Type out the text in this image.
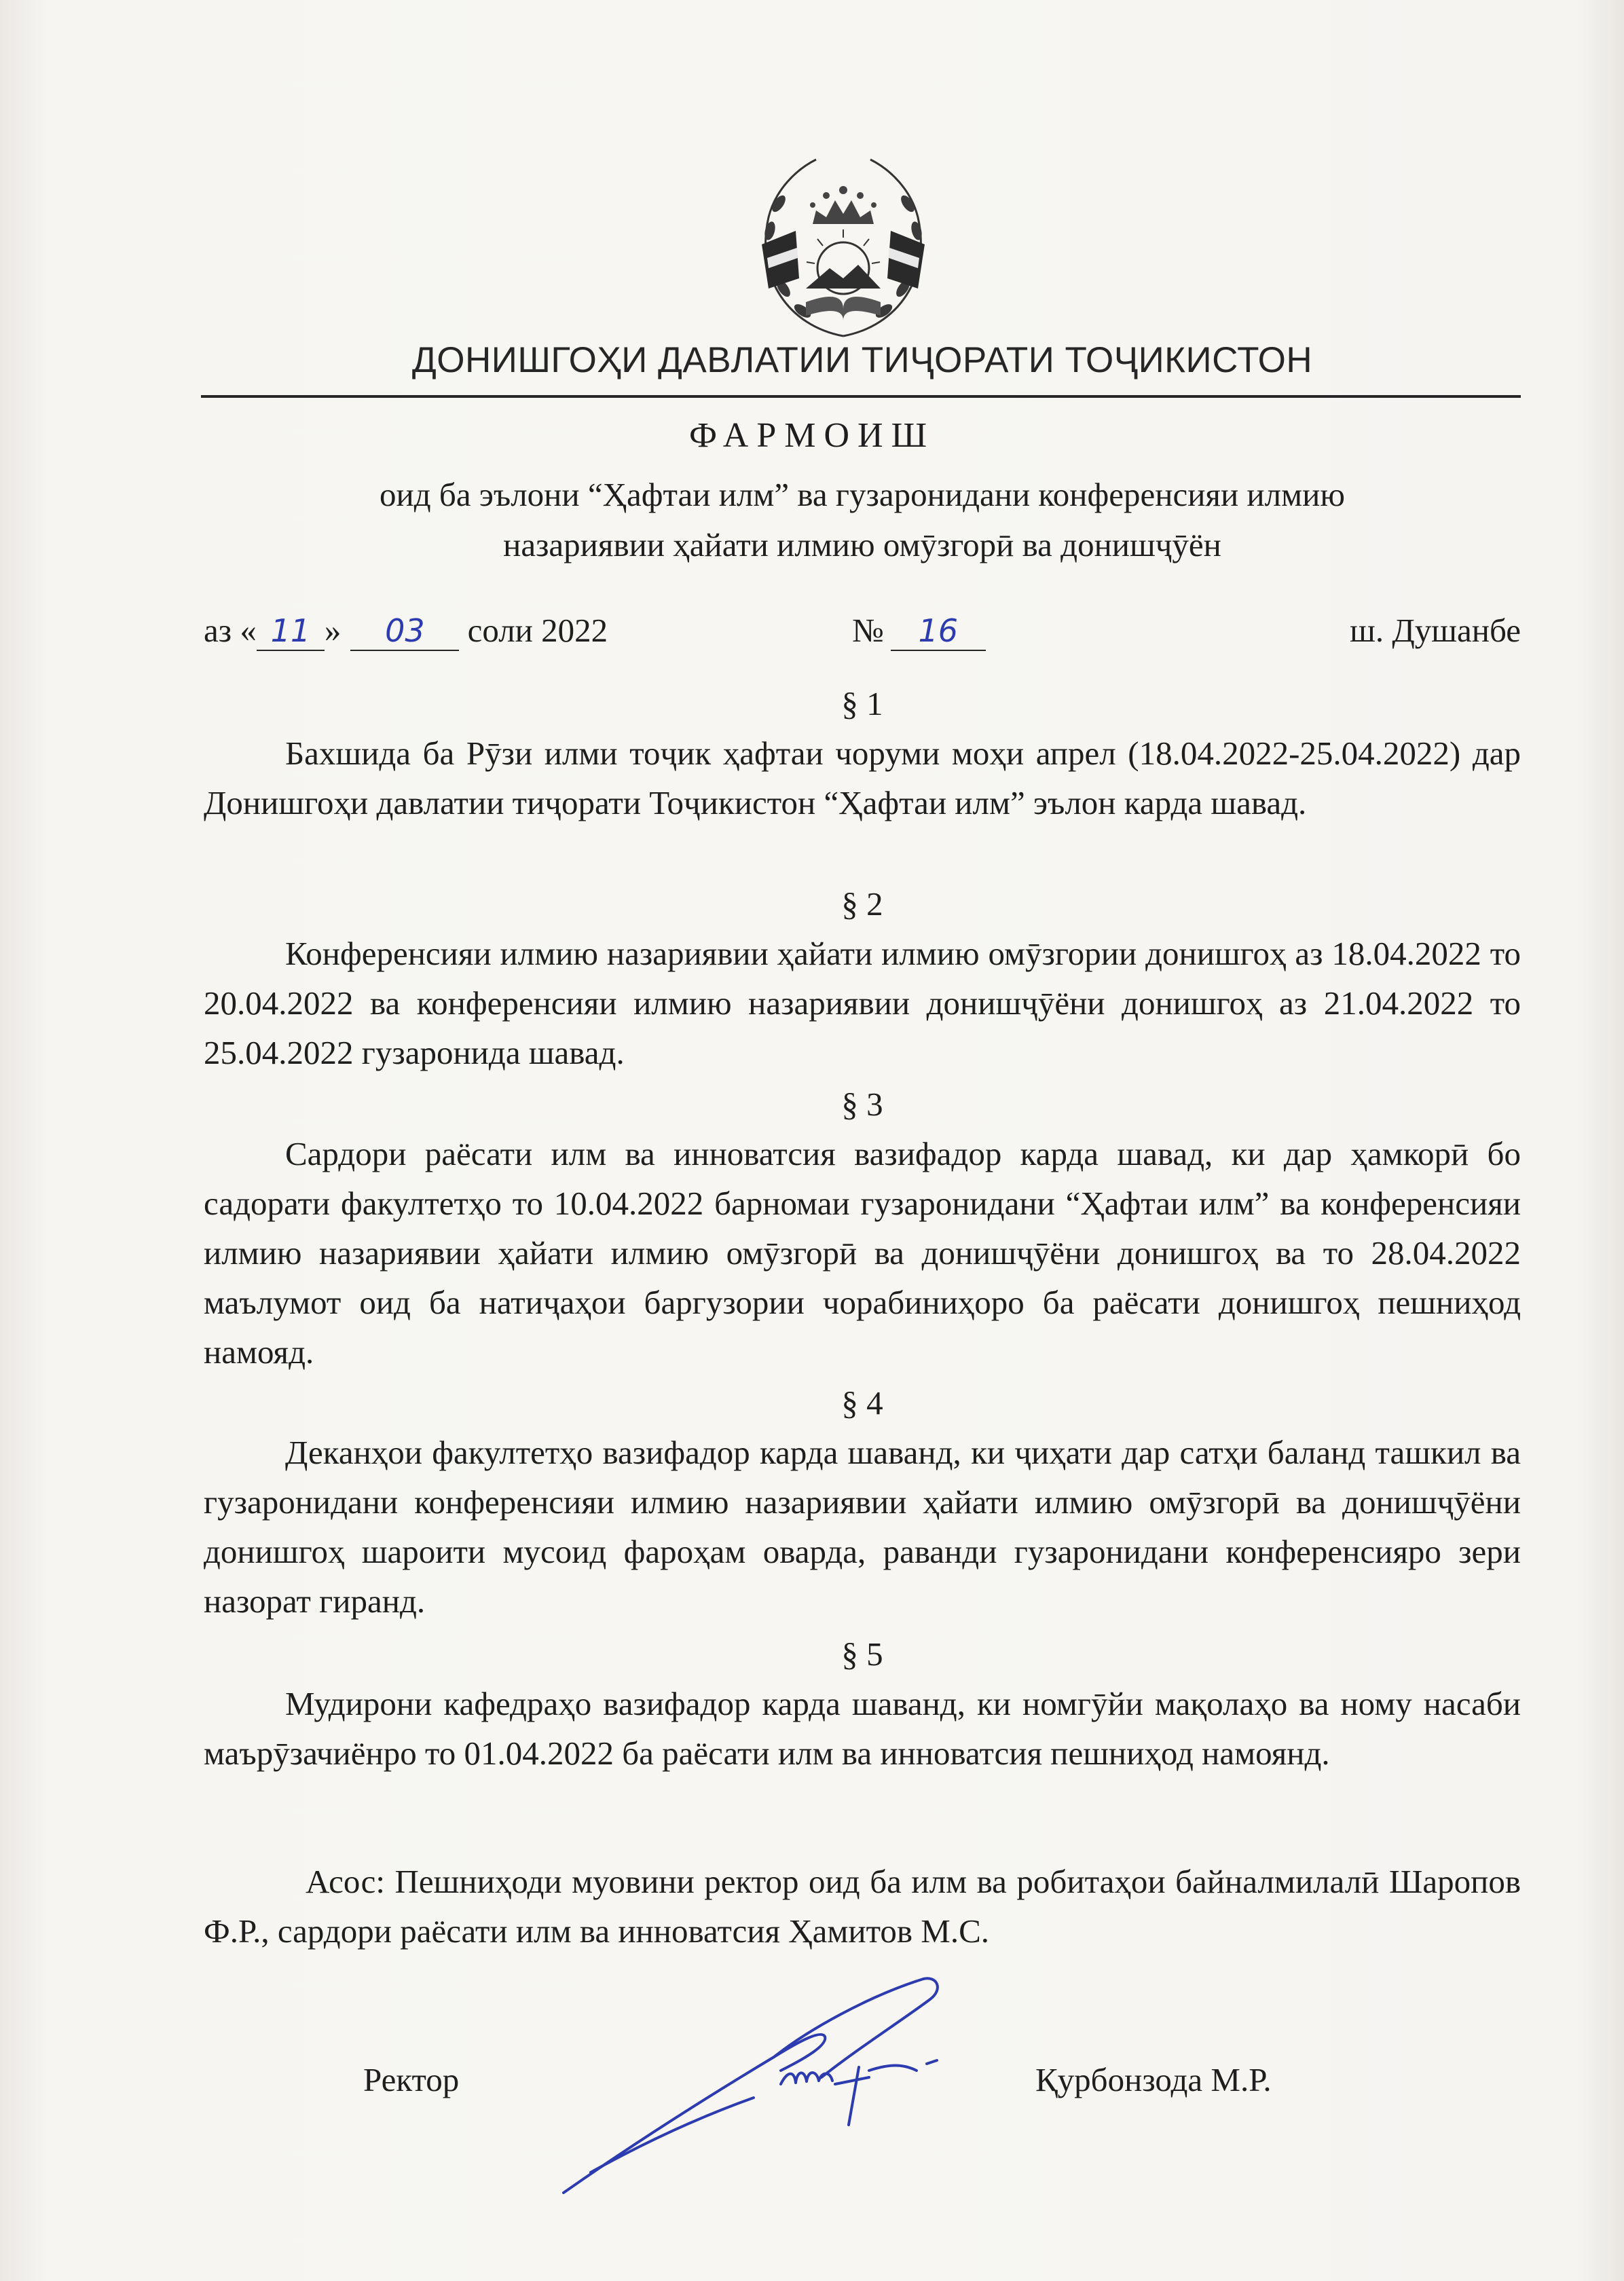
ДОНИШГОҲИ ДАВЛАТИИ ТИҶОРАТИ ТОҶИКИСТОН
ФАРМОИШ
оид ба эълони “Ҳафтаи илм” ва гузаронидани конференсияи илмию
назариявии ҳайати илмию омӯзгорӣ ва донишҷӯён
аз « 11 » 03 соли 2022	№ 16	ш. Душанбе
§ 1
Бахшида ба Рӯзи илми тоҷик ҳафтаи чоруми моҳи апрел (18.04.2022-25.04.2022) дар Донишгоҳи давлатии тиҷорати Тоҷикистон “Ҳафтаи илм” эълон карда шавад.
§ 2
Конференсияи илмию назариявии ҳайати илмию омӯзгории донишгоҳ аз 18.04.2022 то 20.04.2022 ва конференсияи илмию назариявии донишҷӯёни донишгоҳ аз 21.04.2022 то 25.04.2022 гузаронида шавад.
§ 3
Сардори раёсати илм ва инноватсия вазифадор карда шавад, ки дар ҳамкорӣ бо садорати факултетҳо то 10.04.2022 барномаи гузаронидани “Ҳафтаи илм” ва конференсияи илмию назариявии ҳайати илмию омӯзгорӣ ва донишҷӯёни донишгоҳ ва то 28.04.2022 маълумот оид ба натиҷаҳои баргузории чорабиниҳоро ба раёсати донишгоҳ пешниҳод намояд.
§ 4
Деканҳои факултетҳо вазифадор карда шаванд, ки ҷиҳати дар сатҳи баланд ташкил ва гузаронидани конференсияи илмию назариявии ҳайати илмию омӯзгорӣ ва донишҷӯёни донишгоҳ шароити мусоид фароҳам оварда, раванди гузаронидани конференсияро зери назорат гиранд.
§ 5
Мудирони кафедраҳо вазифадор карда шаванд, ки номгӯйи мақолаҳо ва ному насаби маърӯзачиёнро то 01.04.2022 ба раёсати илм ва инноватсия пешниҳод намоянд.
Асос: Пешниҳоди муовини ректор оид ба илм ва робитаҳои байналмилалӣ Шаропов Ф.Р., сардори раёсати илм ва инноватсия Ҳамитов М.С.
Ректор	Қурбонзода М.Р.
